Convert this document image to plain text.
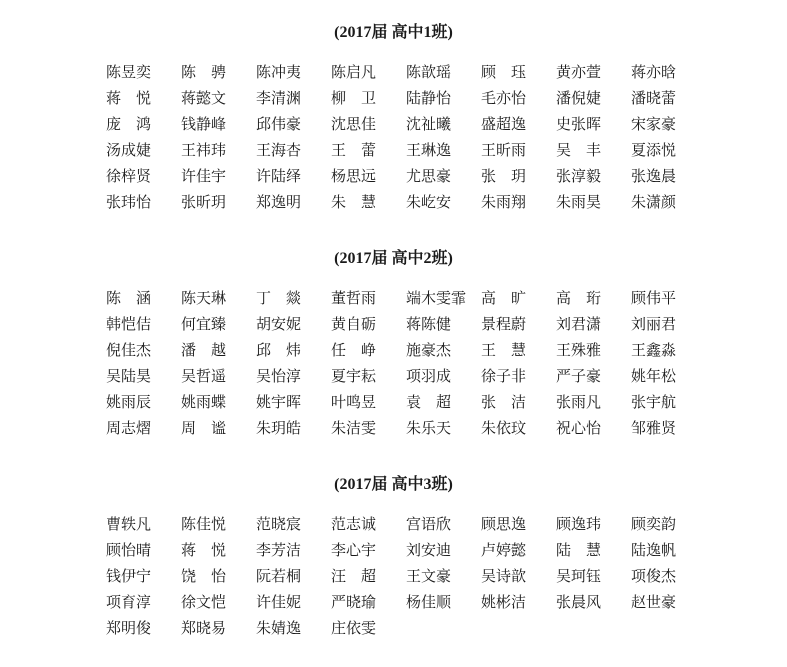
(2017届 高中1班)
陈昱奕	陈　骋	陈冲夷	陈启凡	陈歆瑶	顾　珏	黄亦萱	蒋亦晗
蒋　悦	蒋懿文	李清渊	柳　卫	陆静怡	毛亦怡	潘倪婕	潘晓蕾
庞　鸿	钱静峰	邱伟豪	沈思佳	沈祉曦	盛超逸	史张晖	宋家豪
汤成婕	王祎玮	王海杏	王　蕾	王琳逸	王昕雨	吴　丰	夏添悦
徐梓贤	许佳宇	许陆绎	杨思远	尤思豪	张　玥	张淳毅	张逸晨
张玮怡	张昕玥	郑逸明	朱　慧	朱屹安	朱雨翔	朱雨昊	朱潇颜
(2017届 高中2班)
陈　涵	陈天琳	丁　燚	董哲雨	端木雯霏 高　旷	高　珩	顾伟平
韩恺佶	何宜臻	胡安妮	黄自砺	蒋陈健	景程蔚	刘君潇	刘丽君
倪佳杰	潘　越	邱　炜	任　峥	施豪杰	王　慧	王殊雅	王鑫淼
吴陆昊	吴哲遥	吴怡淳	夏宇耘	项羽成	徐子非	严子豪	姚年松
姚雨辰	姚雨蝶	姚宇晖	叶鸣昱	袁　超	张　洁	张雨凡	张宇航
周志熠	周　谧	朱玥皓	朱洁雯	朱乐天	朱依玟	祝心怡	邹雅贤
(2017届 高中3班)
曹轶凡	陈佳悦	范晓宸	范志诚	宫语欣	顾思逸	顾逸玮	顾奕韵
顾怡晴	蒋　悦	李芳洁	李心宇	刘安迪	卢婷懿	陆　慧	陆逸帆
钱伊宁	饶　怡	阮若桐	汪　超	王文豪	吴诗歆	吴珂钰	项俊杰
项育淳	徐文恺	许佳妮	严晓瑜	杨佳顺	姚彬洁	张晨风	赵世豪
郑明俊	郑晓易	朱婧逸	庄依雯
